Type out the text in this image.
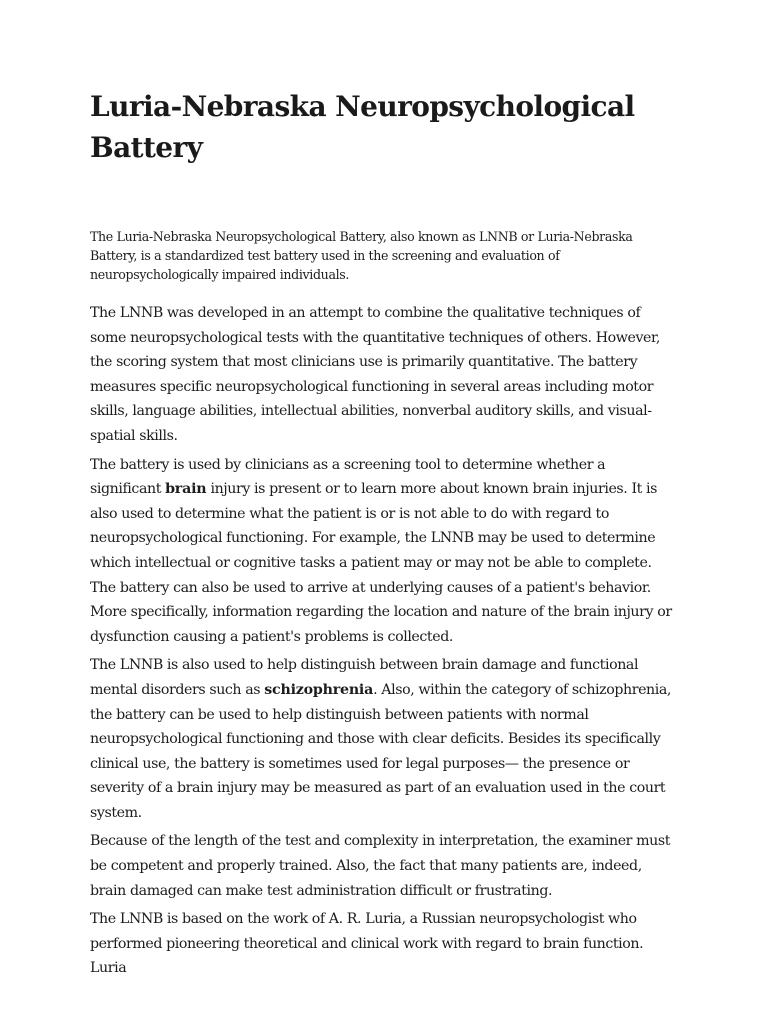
Luria-Nebraska Neuropsychological Battery

The Luria-Nebraska Neuropsychological Battery, also known as LNNB or Luria-Nebraska Battery, is a standardized test battery used in the screening and evaluation of neuropsychologically impaired individuals.

The LNNB was developed in an attempt to combine the qualitative techniques of some neuropsychological tests with the quantitative techniques of others. However, the scoring system that most clinicians use is primarily quantitative. The battery measures specific neuropsychological functioning in several areas including motor skills, language abilities, intellectual abilities, nonverbal auditory skills, and visual-spatial skills.

The battery is used by clinicians as a screening tool to determine whether a significant brain injury is present or to learn more about known brain injuries. It is also used to determine what the patient is or is not able to do with regard to neuropsychological functioning. For example, the LNNB may be used to determine which intellectual or cognitive tasks a patient may or may not be able to complete. The battery can also be used to arrive at underlying causes of a patient's behavior. More specifically, information regarding the location and nature of the brain injury or dysfunction causing a patient's problems is collected.

The LNNB is also used to help distinguish between brain damage and functional mental disorders such as schizophrenia. Also, within the category of schizophrenia, the battery can be used to help distinguish between patients with normal neuropsychological functioning and those with clear deficits. Besides its specifically clinical use, the battery is sometimes used for legal purposes— the presence or severity of a brain injury may be measured as part of an evaluation used in the court system.

Because of the length of the test and complexity in interpretation, the examiner must be competent and properly trained. Also, the fact that many patients are, indeed, brain damaged can make test administration difficult or frustrating.

The LNNB is based on the work of A. R. Luria, a Russian neuropsychologist who performed pioneering theoretical and clinical work with regard to brain function. Luria
